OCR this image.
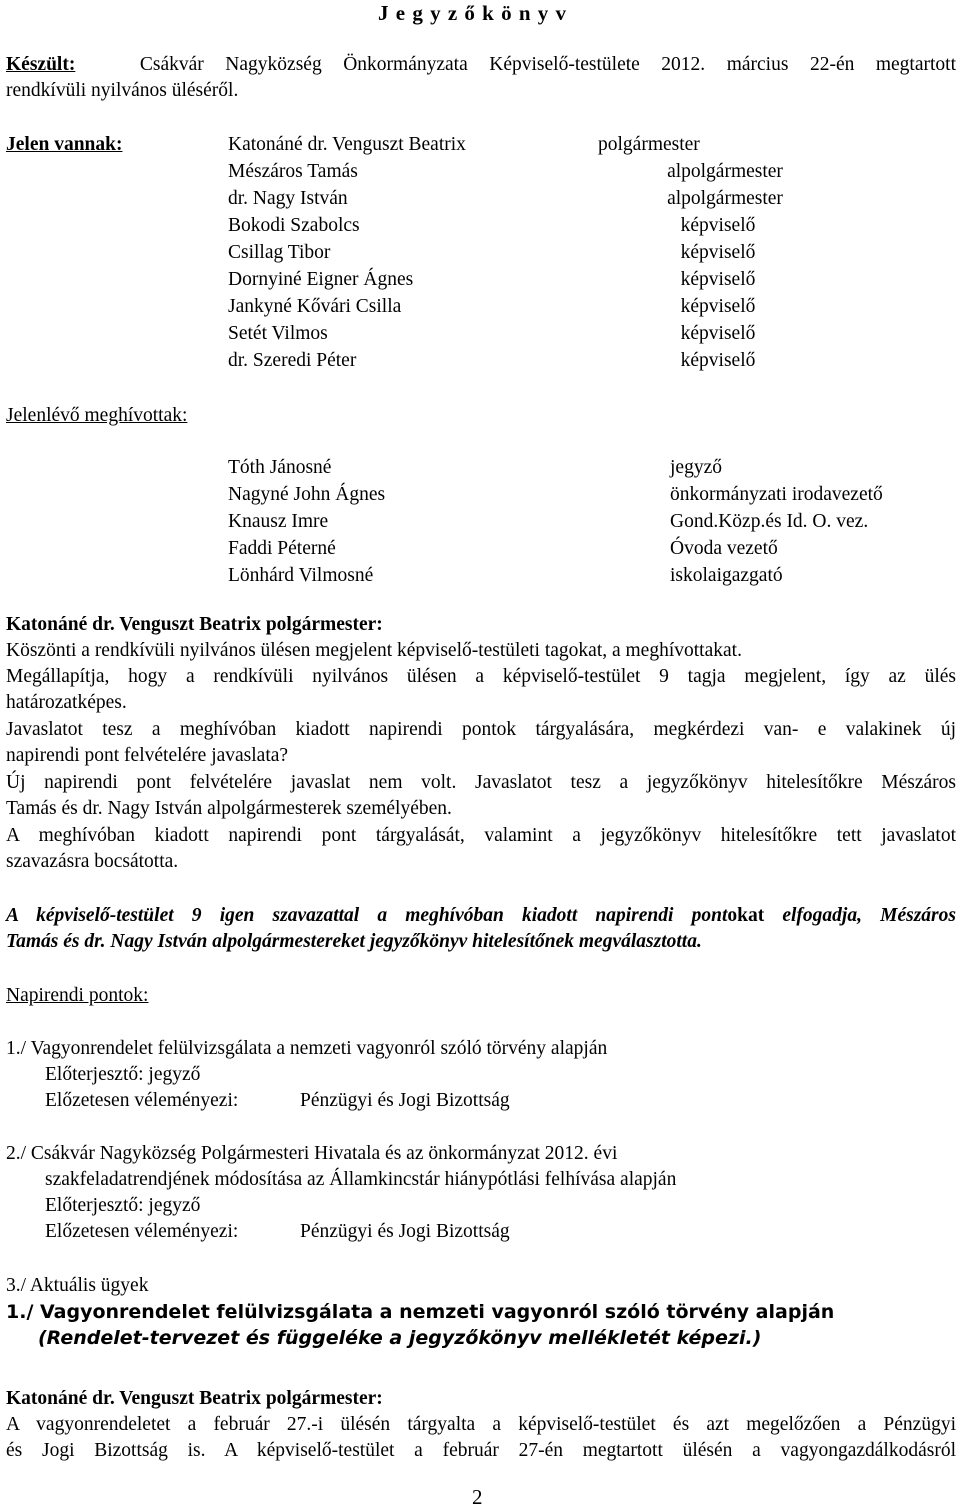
J e g y z ő k ö n y v
Készült:	Csákvár Nagyközség Önkormányzata Képviselő-testülete 2012. március 22-én megtartott
rendkívüli nyilvános üléséről.
Jelen vannak:	Katonáné dr. Venguszt Beatrix	polgármester
Mészáros Tamás	alpolgármester
dr. Nagy István	alpolgármester
Bokodi Szabolcs	képviselő
Csillag Tibor	képviselő
Dornyiné Eigner Ágnes	képviselő
Jankyné Kővári Csilla	képviselő
Setét Vilmos	képviselő
dr. Szeredi Péter	képviselő
Jelenlévő meghívottak:
Tóth Jánosné	jegyző
Nagyné John Ágnes	önkormányzati irodavezető
Knausz Imre	Gond.Közp.és Id. O. vez.
Faddi Péterné	Óvoda vezető
Lönhárd Vilmosné	iskolaigazgató
Katonáné dr. Venguszt Beatrix polgármester:
Köszönti a rendkívüli nyilvános ülésen megjelent képviselő-testületi tagokat, a meghívottakat.
Megállapítja, hogy a rendkívüli nyilvános ülésen a képviselő-testület 9 tagja megjelent, így az ülés
határozatképes.
Javaslatot tesz a meghívóban kiadott napirendi pontok tárgyalására, megkérdezi van- e valakinek új
napirendi pont felvételére javaslata?
Új napirendi pont felvételére javaslat nem volt. Javaslatot tesz a jegyzőkönyv hitelesítőkre Mészáros
Tamás és dr. Nagy István alpolgármesterek személyében.
A meghívóban kiadott napirendi pont tárgyalását, valamint a jegyzőkönyv hitelesítőkre tett javaslatot
szavazásra bocsátotta.
A képviselő-testület 9 igen szavazattal a meghívóban kiadott napirendi pontokat elfogadja, Mészáros
Tamás és dr. Nagy István alpolgármestereket jegyzőkönyv hitelesítőnek megválasztotta.
Napirendi pontok:
1./ Vagyonrendelet felülvizsgálata a nemzeti vagyonról szóló törvény alapján
Előterjesztő: jegyző
Előzetesen véleményezi:	Pénzügyi és Jogi Bizottság
2./ Csákvár Nagyközség Polgármesteri Hivatala és az önkormányzat 2012. évi
szakfeladatrendjének módosítása az Államkincstár hiánypótlási felhívása alapján
Előterjesztő: jegyző
Előzetesen véleményezi:	Pénzügyi és Jogi Bizottság
3./ Aktuális ügyek
1./ Vagyonrendelet felülvizsgálata a nemzeti vagyonról szóló törvény alapján
(Rendelet-tervezet és függeléke a jegyzőkönyv mellékletét képezi.)
Katonáné dr. Venguszt Beatrix polgármester:
A vagyonrendeletet a február 27.-i ülésén tárgyalta a képviselő-testület és azt megelőzően a Pénzügyi
és Jogi Bizottság is. A képviselő-testület a február 27-én megtartott ülésén a vagyongazdálkodásról
2
